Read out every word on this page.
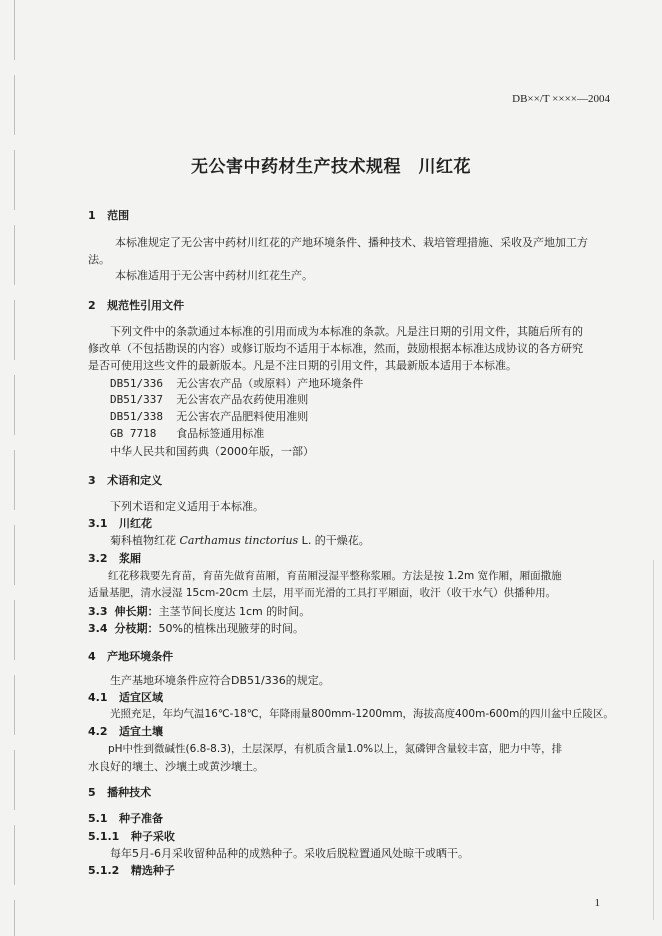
DB××/T ××××—2004
无公害中药材生产技术规程　川红花
1 范围
本标准规定了无公害中药材川红花的产地环境条件、播种技术、栽培管理措施、采收及产地加工方
法。
本标准适用于无公害中药材川红花生产。
2 规范性引用文件
下列文件中的条款通过本标准的引用而成为本标准的条款。凡是注日期的引用文件，其随后所有的
修改单（不包括勘误的内容）或修订版均不适用于本标准，然而，鼓励根据本标准达成协议的各方研究
是否可使用这些文件的最新版本。凡是不注日期的引用文件，其最新版本适用于本标准。
DB51/336 无公害农产品（或原料）产地环境条件
DB51/337 无公害农产品农药使用准则
DB51/338 无公害农产品肥料使用准则
GB 7718 食品标签通用标准
中华人民共和国药典（2000年版，一部）
3 术语和定义
下列术语和定义适用于本标准。
3.1 川红花
菊科植物红花 Carthamus tinctorius L. 的干燥花。
3.2 浆厢
红花移栽要先育苗，育苗先做育苗厢，育苗厢浸湿平整称浆厢。方法是按 1.2m 宽作厢，厢面撒施
适量基肥，清水浸湿 15cm-20cm 土层，用平而光滑的工具打平厢面，收汗（收干水气）供播种用。
3.3 伸长期：主茎节间长度达 1cm 的时间。
3.4 分枝期：50%的植株出现腋芽的时间。
4 产地环境条件
生产基地环境条件应符合DB51/336的规定。
4.1 适宜区域
光照充足，年均气温16℃-18℃，年降雨量800mm-1200mm，海拔高度400m-600m的四川盆中丘陵区。
4.2 适宜土壤
pH中性到微碱性(6.8-8.3)，土层深厚，有机质含量1.0%以上，氮磷钾含量较丰富，肥力中等，排
水良好的壤土、沙壤土或黄沙壤土。
5 播种技术
5.1 种子准备
5.1.1 种子采收
每年5月-6月采收留种品种的成熟种子。采收后脱粒置通风处晾干或晒干。
5.1.2 精选种子
1
